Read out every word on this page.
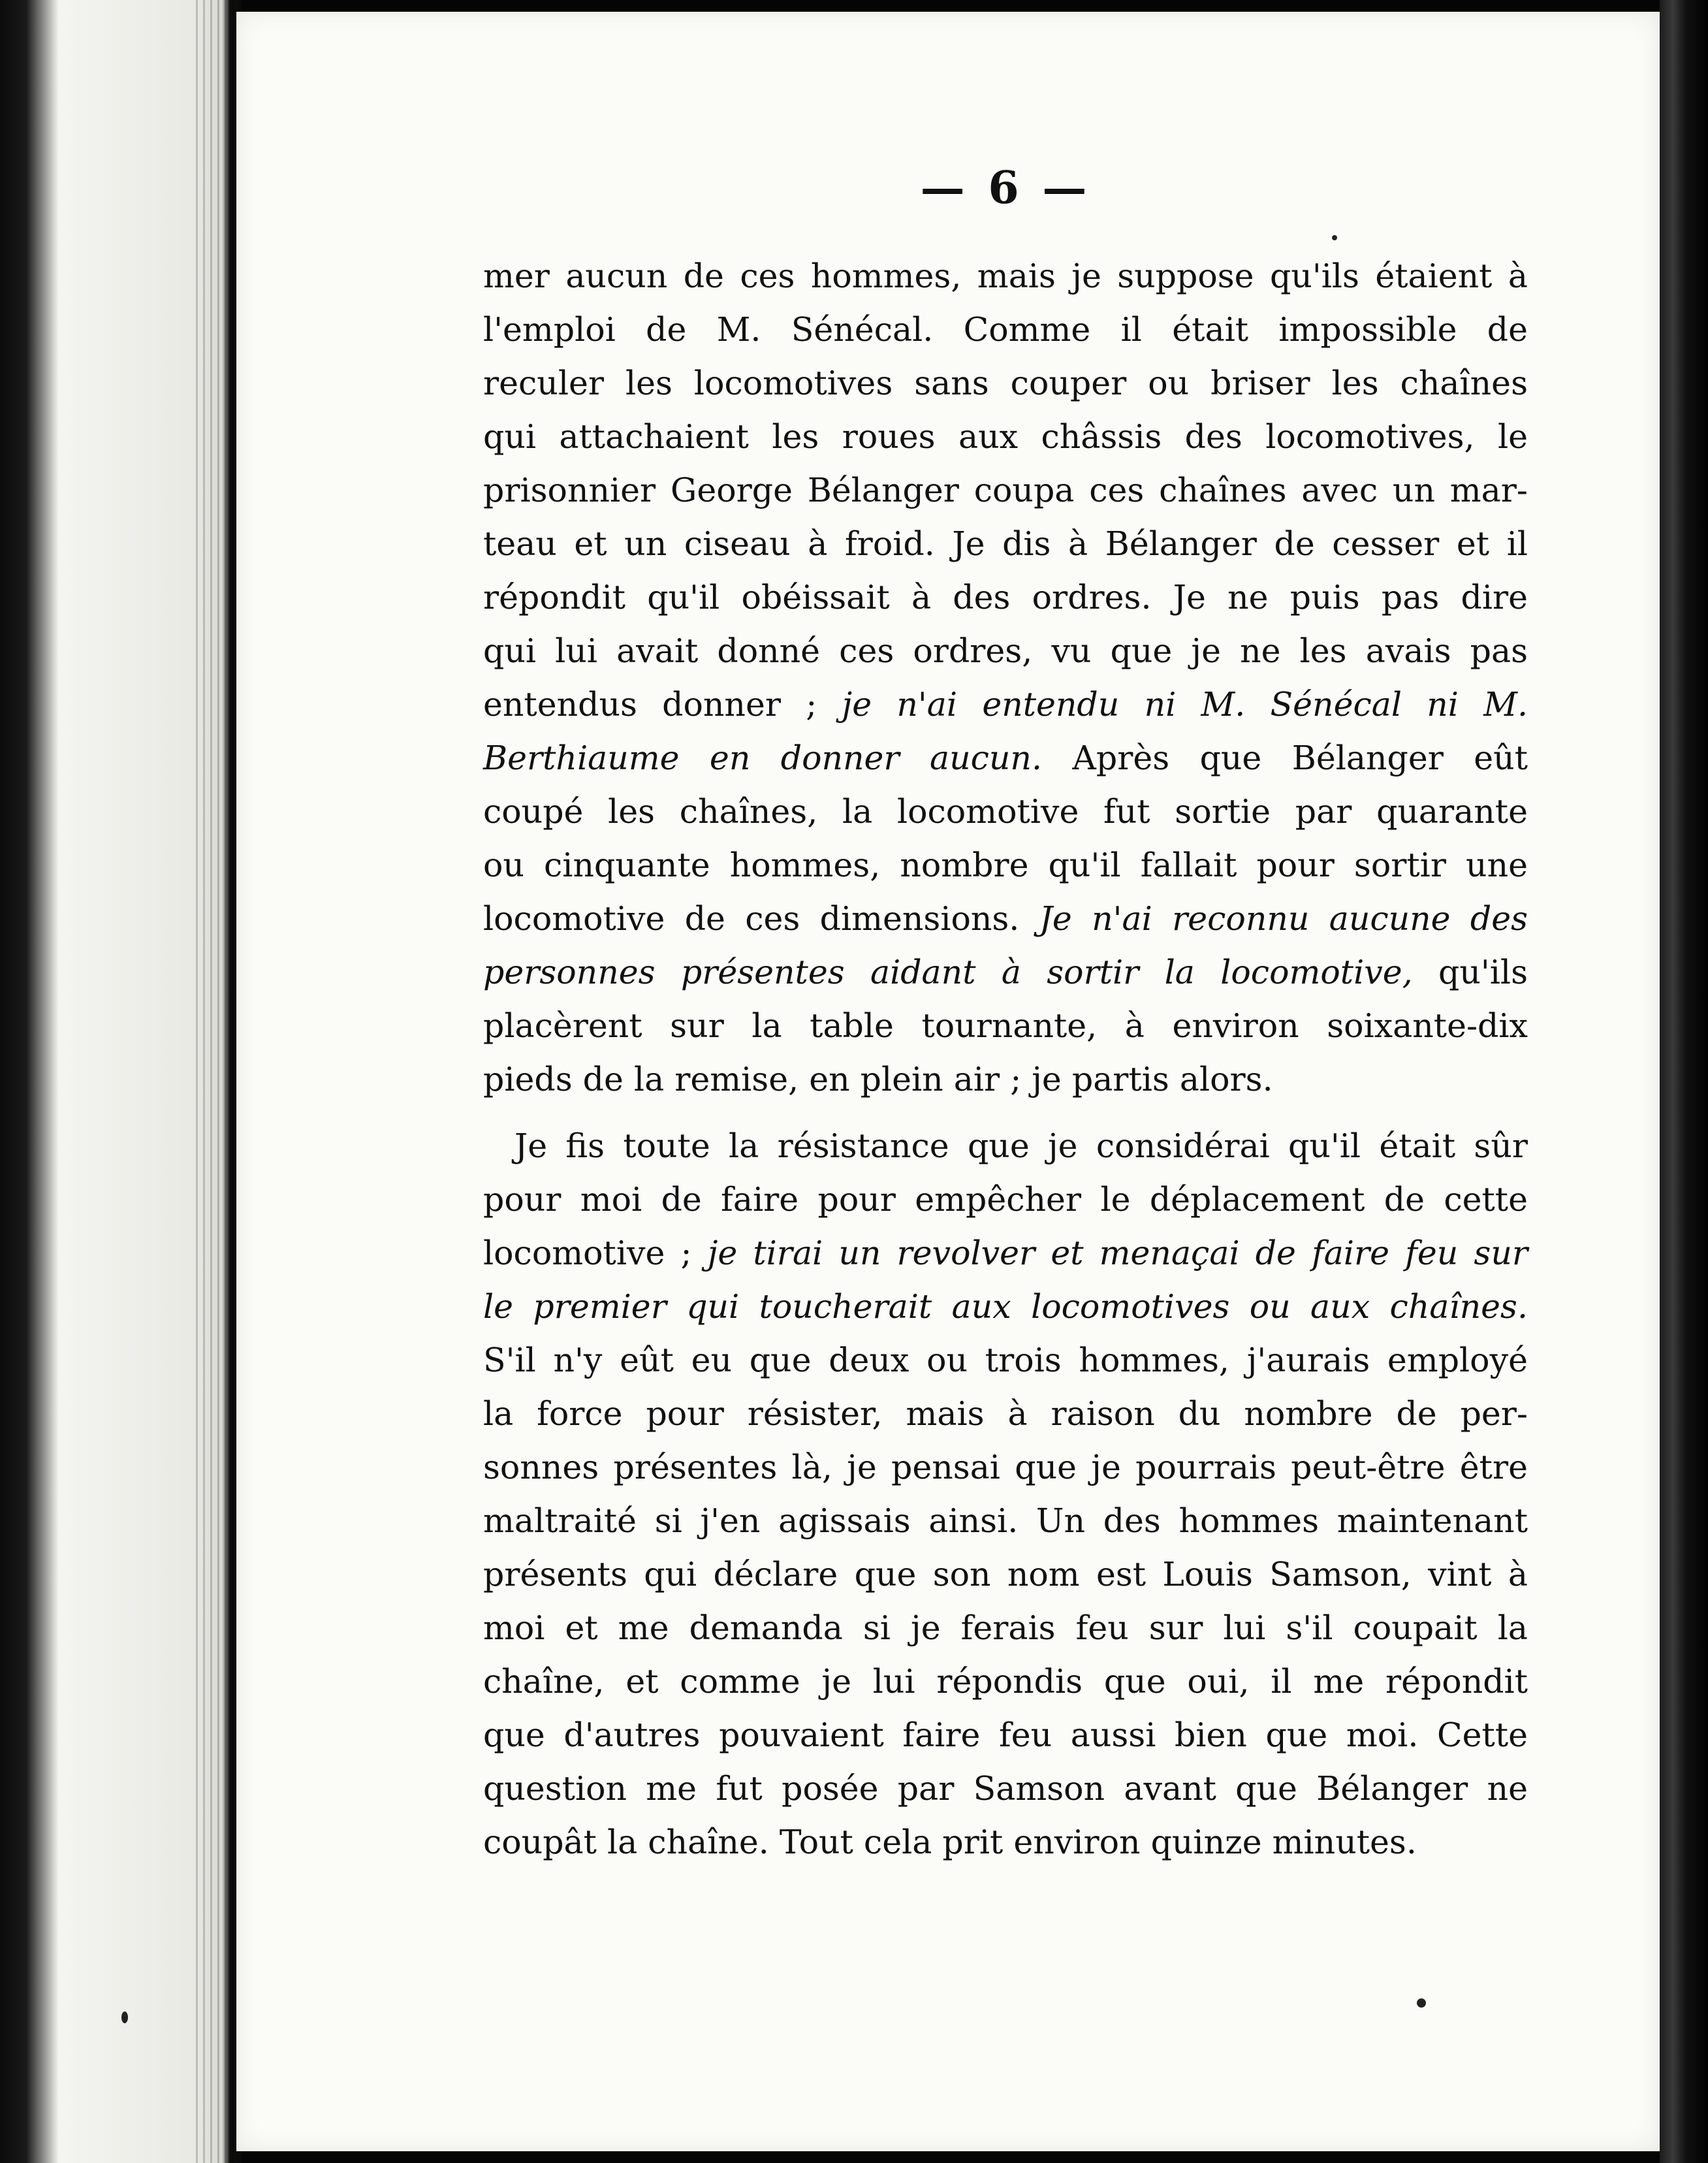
— 6 —
mer aucun de ces hommes, mais je suppose qu'ils étaient à
l'emploi de M. Sénécal. Comme il était impossible de
reculer les locomotives sans couper ou briser les chaînes
qui attachaient les roues aux châssis des locomotives, le
prisonnier George Bélanger coupa ces chaînes avec un mar-
teau et un ciseau à froid. Je dis à Bélanger de cesser et il
répondit qu'il obéissait à des ordres. Je ne puis pas dire
qui lui avait donné ces ordres, vu que je ne les avais pas
entendus donner ; je n'ai entendu ni M. Sénécal ni M.
Berthiaume en donner aucun. Après que Bélanger eût
coupé les chaînes, la locomotive fut sortie par quarante
ou cinquante hommes, nombre qu'il fallait pour sortir une
locomotive de ces dimensions. Je n'ai reconnu aucune des
personnes présentes aidant à sortir la locomotive, qu'ils
placèrent sur la table tournante, à environ soixante-dix
pieds de la remise, en plein air ; je partis alors.
Je fis toute la résistance que je considérai qu'il était sûr
pour moi de faire pour empêcher le déplacement de cette
locomotive ; je tirai un revolver et menaçai de faire feu sur
le premier qui toucherait aux locomotives ou aux chaînes.
S'il n'y eût eu que deux ou trois hommes, j'aurais employé
la force pour résister, mais à raison du nombre de per-
sonnes présentes là, je pensai que je pourrais peut-être être
maltraité si j'en agissais ainsi. Un des hommes maintenant
présents qui déclare que son nom est Louis Samson, vint à
moi et me demanda si je ferais feu sur lui s'il coupait la
chaîne, et comme je lui répondis que oui, il me répondit
que d'autres pouvaient faire feu aussi bien que moi. Cette
question me fut posée par Samson avant que Bélanger ne
coupât la chaîne. Tout cela prit environ quinze minutes.
